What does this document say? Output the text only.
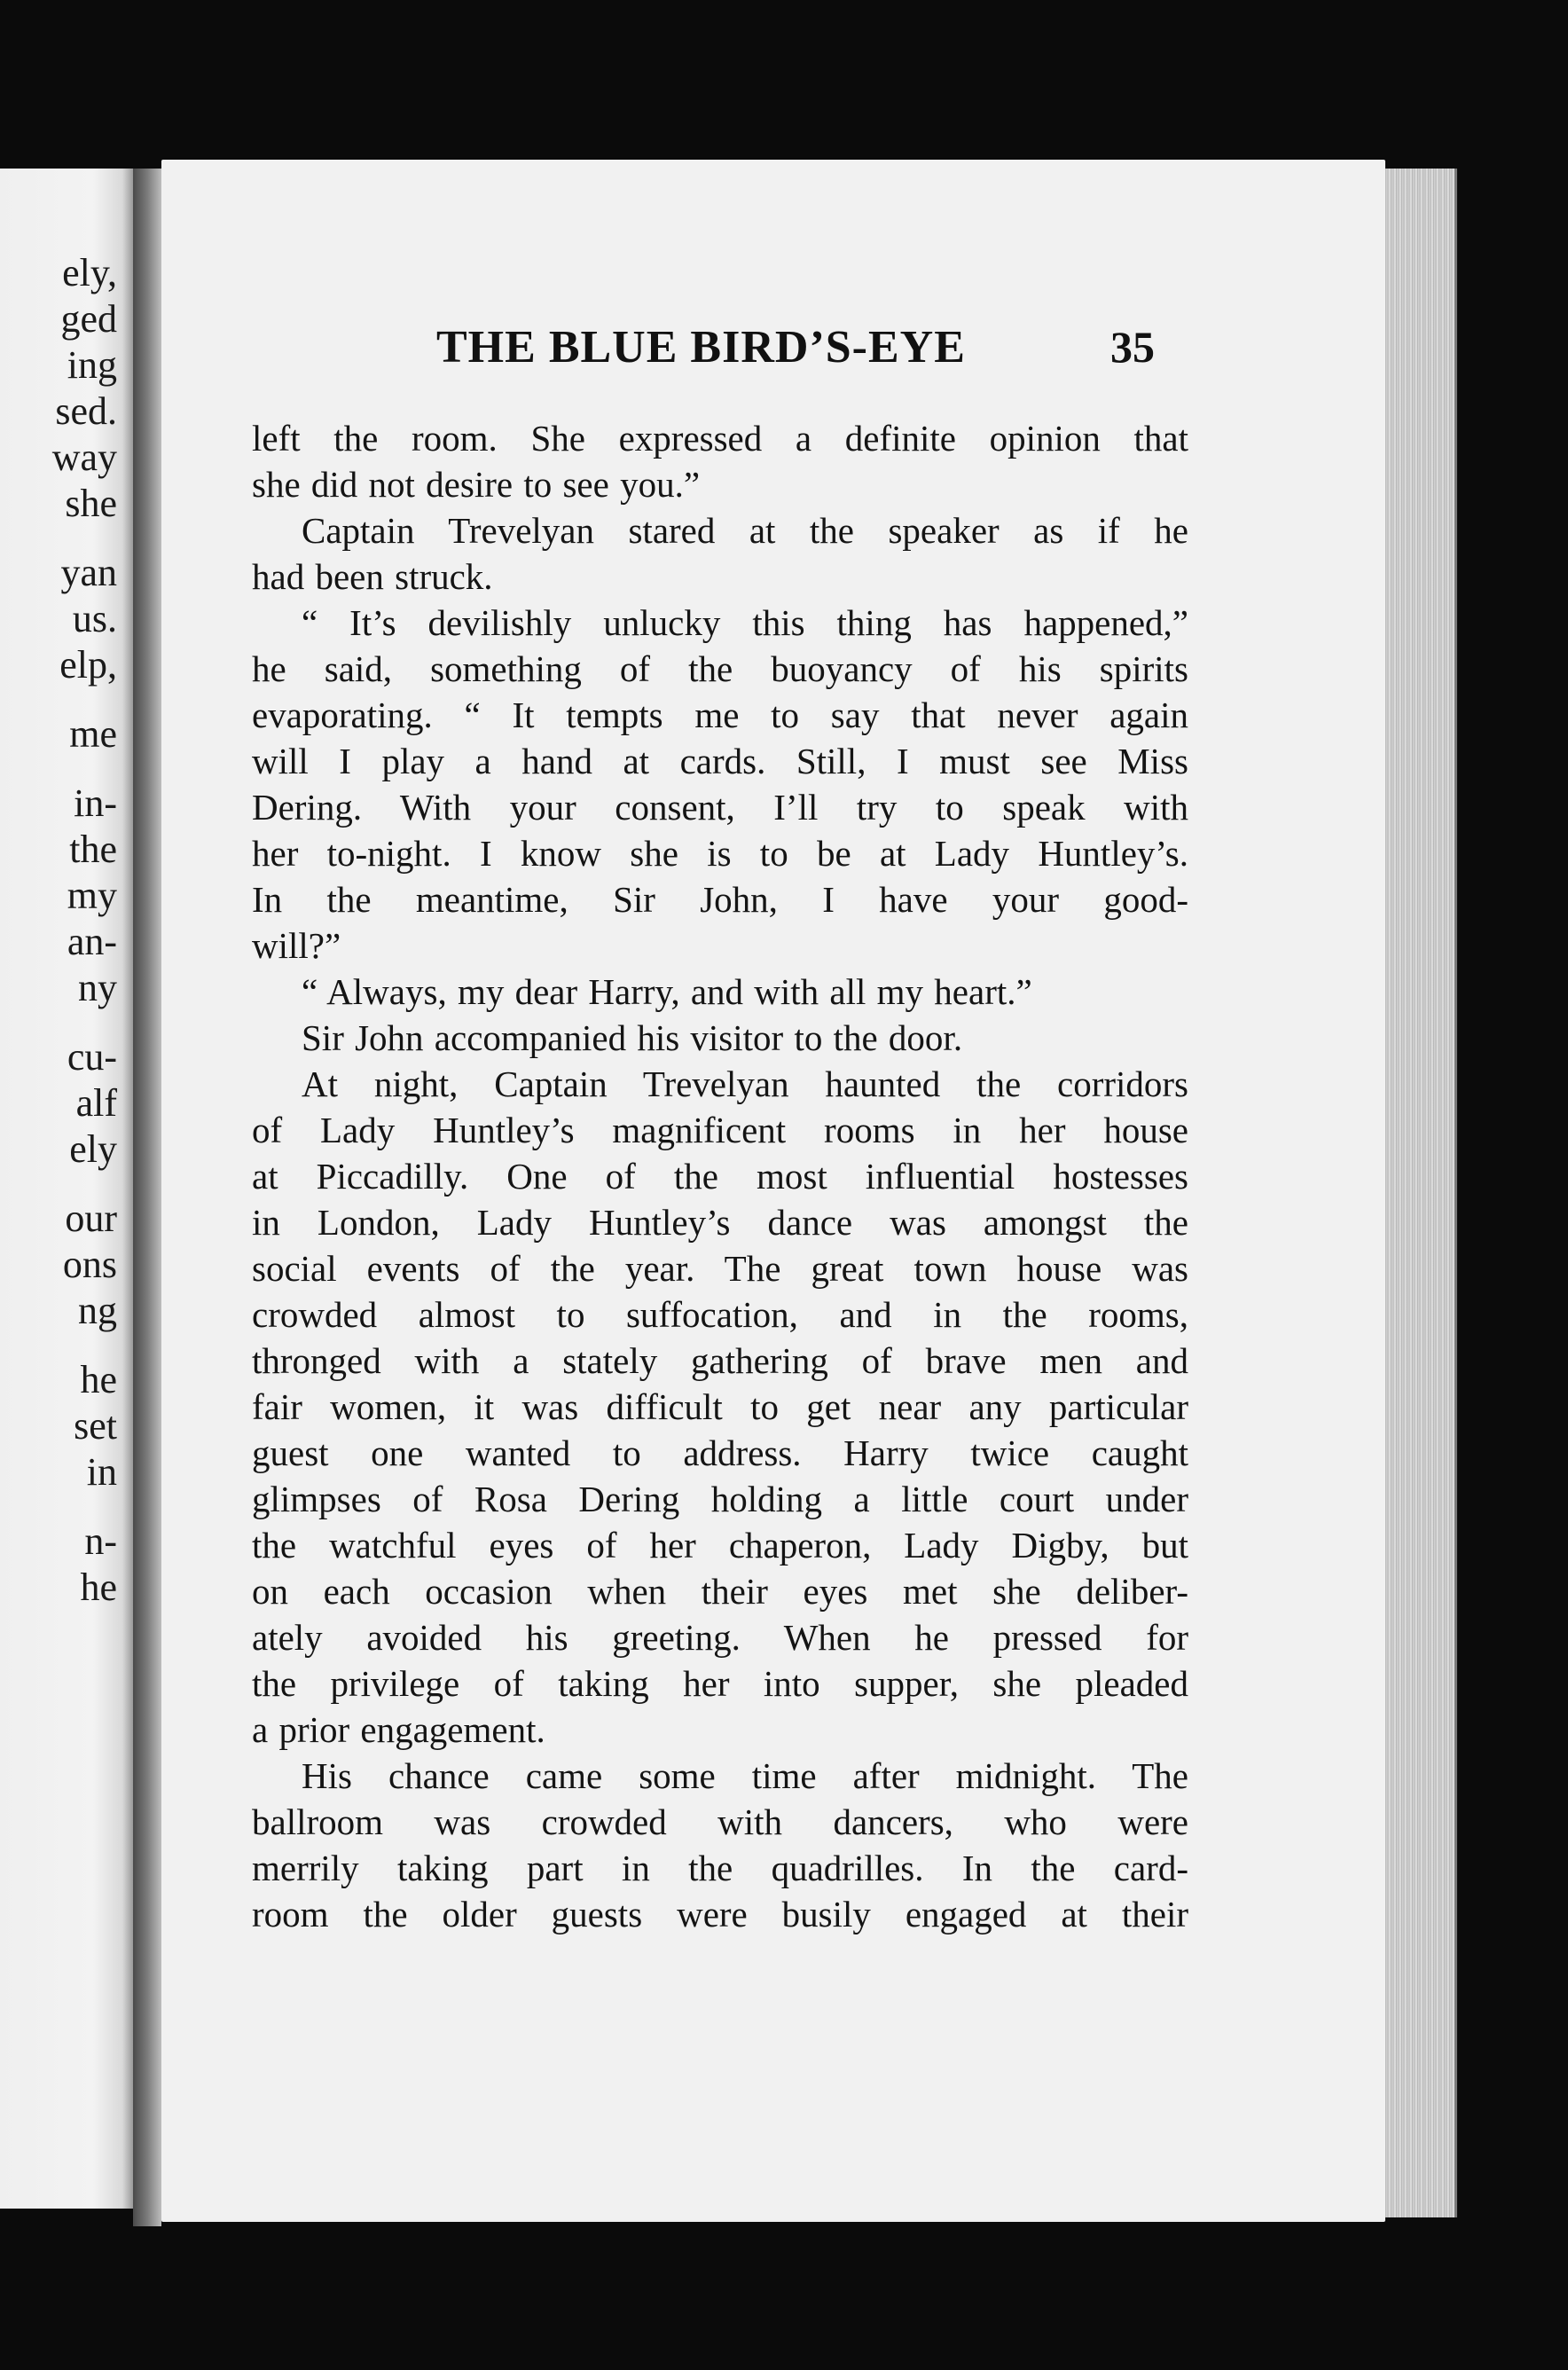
ely,
ged
ing
sed.
way
she
yan
us.
elp,
me
in-
the
my
an-
ny
cu-
alf
ely
our
ons
ng
he
set
in
n-
he
THE BLUE BIRD’S-EYE	35
left the room. She expressed a definite opinion that
she did not desire to see you.”
Captain Trevelyan stared at the speaker as if he
had been struck.
“ It’s devilishly unlucky this thing has happened,”
he said, something of the buoyancy of his spirits
evaporating. “ It tempts me to say that never again
will I play a hand at cards. Still, I must see Miss
Dering. With your consent, I’ll try to speak with
her to-night. I know she is to be at Lady Huntley’s.
In the meantime, Sir John, I have your good-
will?”
“ Always, my dear Harry, and with all my heart.”
Sir John accompanied his visitor to the door.
At night, Captain Trevelyan haunted the corridors
of Lady Huntley’s magnificent rooms in her house
at Piccadilly. One of the most influential hostesses
in London, Lady Huntley’s dance was amongst the
social events of the year. The great town house was
crowded almost to suffocation, and in the rooms,
thronged with a stately gathering of brave men and
fair women, it was difficult to get near any particular
guest one wanted to address. Harry twice caught
glimpses of Rosa Dering holding a little court under
the watchful eyes of her chaperon, Lady Digby, but
on each occasion when their eyes met she deliber-
ately avoided his greeting. When he pressed for
the privilege of taking her into supper, she pleaded
a prior engagement.
His chance came some time after midnight. The
ballroom was crowded with dancers, who were
merrily taking part in the quadrilles. In the card-
room the older guests were busily engaged at their
